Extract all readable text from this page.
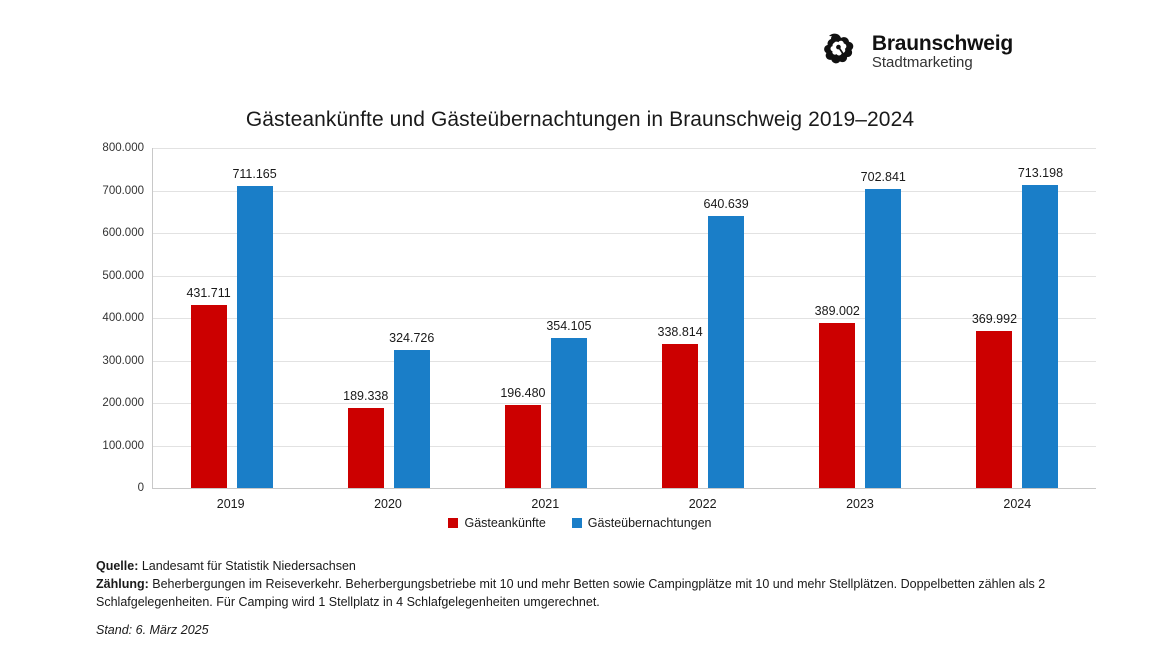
Braunschweig
Stadtmarketing
Gästeankünfte und Gästeübernachtungen in Braunschweig 2019–2024
800.000
700.000
600.000
500.000
400.000
300.000
200.000
100.000
0
431.711
711.165
189.338
324.726
196.480
354.105	338.814
640.639
389.002
702.841
369.992
713.198
2019	2020	2021	2022	2023	2024
Gästeankünfte	Gästeübernachtungen

Quelle: Landesamt für Statistik Niedersachsen

Zählung: Beherbergungen im Reiseverkehr. Beherbergungsbetriebe mit 10 und mehr Betten sowie Campingplätze mit 10 und mehr Stellplätzen. Doppelbetten zählen als 2 Schlafgelegenheiten. Für Camping wird 1 Stellplatz in 4 Schlafgelegenheiten umgerechnet.

Stand: 6. März 2025
